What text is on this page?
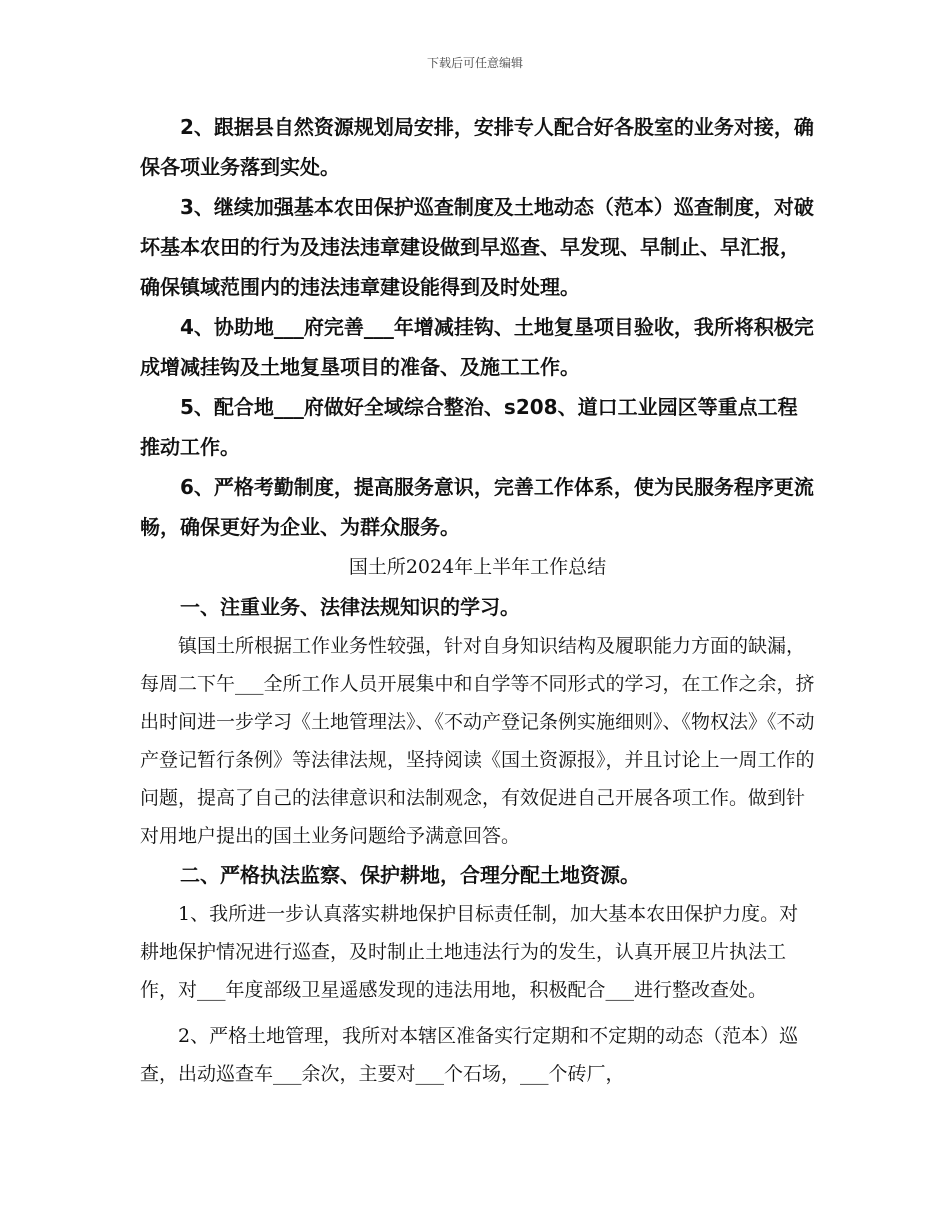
下载后可任意编辑

2、跟据县自然资源规划局安排，安排专人配合好各股室的业务对接，确保各项业务落到实处。

3、继续加强基本农田保护巡查制度及土地动态（范本）巡查制度，对破坏基本农田的行为及违法违章建设做到早巡查、早发现、早制止、早汇报，确保镇域范围内的违法违章建设能得到及时处理。

4、协助地___府完善___年增减挂钩、土地复垦项目验收，我所将积极完成增减挂钩及土地复垦项目的准备、及施工工作。

5、配合地___府做好全域综合整治、s208、道口工业园区等重点工程推动工作。

6、严格考勤制度，提高服务意识，完善工作体系，使为民服务程序更流畅，确保更好为企业、为群众服务。

国土所2024年上半年工作总结

一、注重业务、法律法规知识的学习。

镇国土所根据工作业务性较强，针对自身知识结构及履职能力方面的缺漏，每周二下午___全所工作人员开展集中和自学等不同形式的学习，在工作之余，挤出时间进一步学习《土地管理法》、《不动产登记条例实施细则》、《物权法》《不动产登记暂行条例》等法律法规，坚持阅读《国土资源报》，并且讨论上一周工作的问题，提高了自己的法律意识和法制观念，有效促进自己开展各项工作。做到针对用地户提出的国土业务问题给予满意回答。

二、严格执法监察、保护耕地，合理分配土地资源。

1、我所进一步认真落实耕地保护目标责任制，加大基本农田保护力度。对耕地保护情况进行巡查，及时制止土地违法行为的发生，认真开展卫片执法工作，对___年度部级卫星遥感发现的违法用地，积极配合___进行整改查处。

2、严格土地管理，我所对本辖区准备实行定期和不定期的动态（范本）巡查，出动巡查车___余次，主要对___个石场，___个砖厂，
